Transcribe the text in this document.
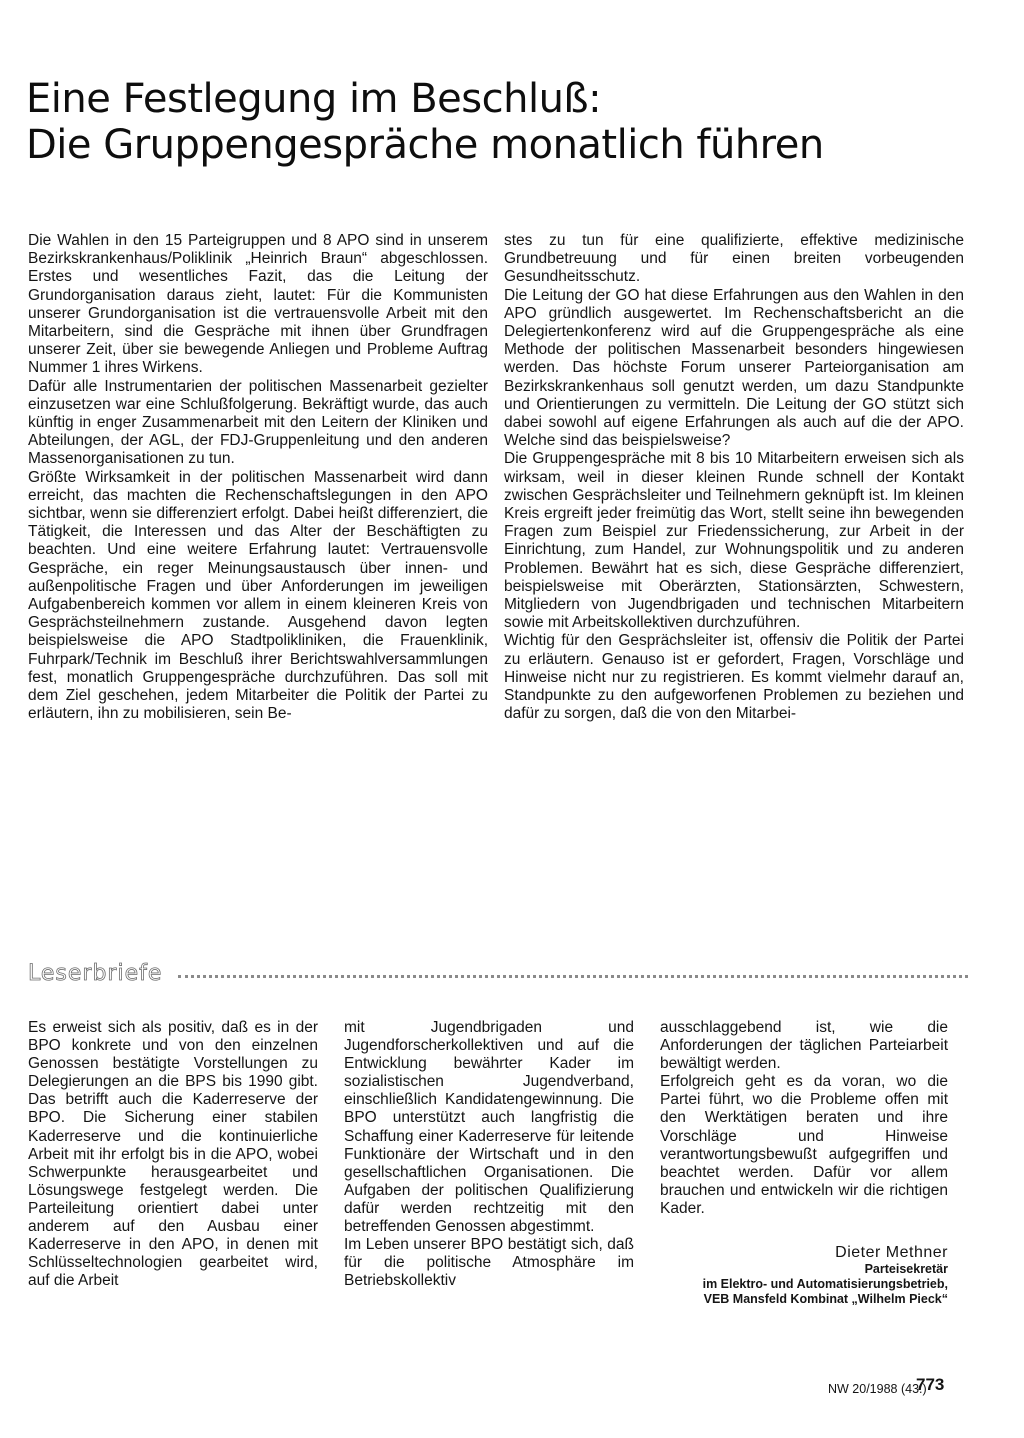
Eine Festlegung im Beschluß:
Die Gruppengespräche monatlich führen

Die Wahlen in den 15 Parteigruppen und 8 APO sind in unserem Bezirkskrankenhaus/Poliklinik „Heinrich Braun“ abgeschlossen. Erstes und wesentliches Fazit, das die Leitung der Grundorganisation daraus zieht, lautet: Für die Kommunisten unserer Grundorganisation ist die vertrauensvolle Arbeit mit den Mitarbeitern, sind die Gespräche mit ihnen über Grundfragen unserer Zeit, über sie bewegende Anliegen und Probleme Auftrag Nummer 1 ihres Wirkens.

Dafür alle Instrumentarien der politischen Massenarbeit gezielter einzusetzen war eine Schlußfolgerung. Bekräftigt wurde, das auch künftig in enger Zusammenarbeit mit den Leitern der Kliniken und Abteilungen, der AGL, der FDJ-Gruppenleitung und den anderen Massenorganisationen zu tun.

Größte Wirksamkeit in der politischen Massenarbeit wird dann erreicht, das machten die Rechenschaftslegungen in den APO sichtbar, wenn sie differenziert erfolgt. Dabei heißt differenziert, die Tätigkeit, die Interessen und das Alter der Beschäftigten zu beachten. Und eine weitere Erfahrung lautet: Vertrauensvolle Gespräche, ein reger Meinungsaustausch über innen- und außenpolitische Fragen und über Anforderungen im jeweiligen Aufgabenbereich kommen vor allem in einem kleineren Kreis von Gesprächsteilnehmern zustande. Ausgehend davon legten beispielsweise die APO Stadtpolikliniken, die Frauenklinik, Fuhrpark/Technik im Beschluß ihrer Berichtswahlversammlungen fest, monatlich Gruppengespräche durchzuführen. Das soll mit dem Ziel geschehen, jedem Mitarbeiter die Politik der Partei zu erläutern, ihn zu mobilisieren, sein Be-

stes zu tun für eine qualifizierte, effektive medizinische Grundbetreuung und für einen breiten vorbeugenden Gesundheitsschutz.

Die Leitung der GO hat diese Erfahrungen aus den Wahlen in den APO gründlich ausgewertet. Im Rechenschaftsbericht an die Delegiertenkonferenz wird auf die Gruppengespräche als eine Methode der politischen Massenarbeit besonders hingewiesen werden. Das höchste Forum unserer Parteiorganisation am Bezirkskrankenhaus soll genutzt werden, um dazu Standpunkte und Orientierungen zu vermitteln. Die Leitung der GO stützt sich dabei sowohl auf eigene Erfahrungen als auch auf die der APO. Welche sind das beispielsweise?

Die Gruppengespräche mit 8 bis 10 Mitarbeitern erweisen sich als wirksam, weil in dieser kleinen Runde schnell der Kontakt zwischen Gesprächsleiter und Teilnehmern geknüpft ist. Im kleinen Kreis ergreift jeder freimütig das Wort, stellt seine ihn bewegenden Fragen zum Beispiel zur Friedenssicherung, zur Arbeit in der Einrichtung, zum Handel, zur Wohnungspolitik und zu anderen Problemen. Bewährt hat es sich, diese Gespräche differenziert, beispielsweise mit Oberärzten, Stationsärzten, Schwestern, Mitgliedern von Jugendbrigaden und technischen Mitarbeitern sowie mit Arbeitskollektiven durchzuführen.

Wichtig für den Gesprächsleiter ist, offensiv die Politik der Partei zu erläutern. Genauso ist er gefordert, Fragen, Vorschläge und Hinweise nicht nur zu registrieren. Es kommt vielmehr darauf an, Standpunkte zu den aufgeworfenen Problemen zu beziehen und dafür zu sorgen, daß die von den Mitarbei-

Leserbriefe

Es erweist sich als positiv, daß es in der BPO konkrete und von den einzelnen Genossen bestätigte Vorstellungen zu Delegierungen an die BPS bis 1990 gibt. Das betrifft auch die Kaderreserve der BPO. Die Sicherung einer stabilen Kaderreserve und die kontinuierliche Arbeit mit ihr erfolgt bis in die APO, wobei Schwerpunkte herausgearbeitet und Lösungswege festgelegt werden. Die Parteileitung orientiert dabei unter anderem auf den Ausbau einer Kaderreserve in den APO, in denen mit Schlüsseltechnologien gearbeitet wird, auf die Arbeit

mit Jugendbrigaden und Jugendforscherkollektiven und auf die Entwicklung bewährter Kader im sozialistischen Jugendverband, einschließlich Kandidatengewinnung. Die BPO unterstützt auch langfristig die Schaffung einer Kaderreserve für leitende Funktionäre der Wirtschaft und in den gesellschaftlichen Organisationen. Die Aufgaben der politischen Qualifizierung dafür werden rechtzeitig mit den betreffenden Genossen abgestimmt.

Im Leben unserer BPO bestätigt sich, daß für die politische Atmosphäre im Betriebskollektiv

ausschlaggebend ist, wie die Anforderungen der täglichen Parteiarbeit bewältigt werden.

Erfolgreich geht es da voran, wo die Partei führt, wo die Probleme offen mit den Werktätigen beraten und ihre Vorschläge und Hinweise verantwortungsbewußt aufgegriffen und beachtet werden. Dafür vor allem brauchen und entwickeln wir die richtigen Kader.

Dieter Methner
Parteisekretär
im Elektro- und Automatisierungsbetrieb,
VEB Mansfeld Kombinat „Wilhelm Pieck“
NW 20/1988 (43.)
773
